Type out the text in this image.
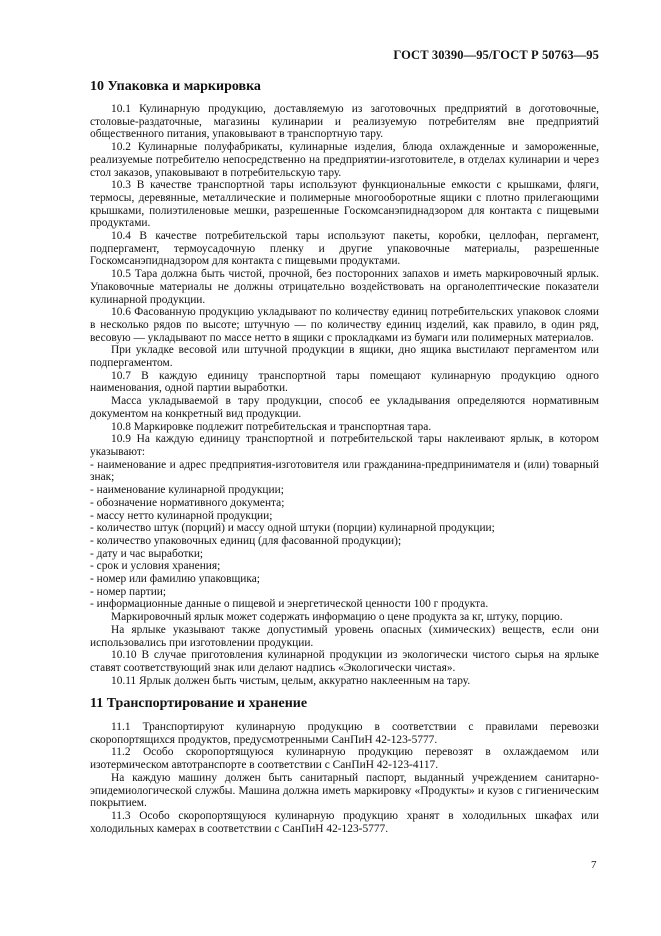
ГОСТ 30390—95/ГОСТ Р 50763—95
10 Упаковка и маркировка

10.1 Кулинарную продукцию, доставляемую из заготовочных предприятий в доготовочные, столовые-раздаточные, магазины кулинарии и реализуемую потребителям вне предприятий общественного питания, упаковывают в транспортную тару.

10.2 Кулинарные полуфабрикаты, кулинарные изделия, блюда охлажденные и замороженные, реализуемые потребителю непосредственно на предприятии-изготовителе, в отделах кулинарии и через стол заказов, упаковывают в потребительскую тару.

10.3 В качестве транспортной тары используют функциональные емкости с крышками, фляги, термосы, деревянные, металлические и полимерные многооборотные ящики с плотно прилегающими крышками, полиэтиленовые мешки, разрешенные Госкомсанэпиднадзором для контакта с пищевыми продуктами.

10.4 В качестве потребительской тары используют пакеты, коробки, целлофан, пергамент, подпергамент, термоусадочную пленку и другие упаковочные материалы, разрешенные Госкомсанэпиднадзором для контакта с пищевыми продуктами.

10.5 Тара должна быть чистой, прочной, без посторонних запахов и иметь маркировочный ярлык. Упаковочные материалы не должны отрицательно воздействовать на органолептические показатели кулинарной продукции.

10.6 Фасованную продукцию укладывают по количеству единиц потребительских упаковок слоями в несколько рядов по высоте; штучную — по количеству единиц изделий, как правило, в один ряд, весовую — укладывают по массе нетто в ящики с прокладками из бумаги или полимерных материалов.

При укладке весовой или штучной продукции в ящики, дно ящика выстилают пергаментом или подпергаментом.

10.7 В каждую единицу транспортной тары помещают кулинарную продукцию одного наименования, одной партии выработки.

Масса укладываемой в тару продукции, способ ее укладывания определяются нормативным документом на конкретный вид продукции.

10.8 Маркировке подлежит потребительская и транспортная тара.

10.9 На каждую единицу транспортной и потребительской тары наклеивают ярлык, в котором указывают:

- наименование и адрес предприятия-изготовителя или гражданина-предпринимателя и (или) товарный знак;

- наименование кулинарной продукции;

- обозначение нормативного документа;

- массу нетто кулинарной продукции;

- количество штук (порций) и массу одной штуки (порции) кулинарной продукции;

- количество упаковочных единиц (для фасованной продукции);

- дату и час выработки;

- срок и условия хранения;

- номер или фамилию упаковщика;

- номер партии;

- информационные данные о пищевой и энергетической ценности 100 г продукта.

Маркировочный ярлык может содержать информацию о цене продукта за кг, штуку, порцию.

На ярлыке указывают также допустимый уровень опасных (химических) веществ, если они использовались при изготовлении продукции.

10.10 В случае приготовления кулинарной продукции из экологически чистого сырья на ярлыке ставят соответствующий знак или делают надпись «Экологически чистая».

10.11 Ярлык должен быть чистым, целым, аккуратно наклеенным на тару.

11 Транспортирование и хранение

11.1 Транспортируют кулинарную продукцию в соответствии с правилами перевозки скоропортящихся продуктов, предусмотренными СанПиН 42-123-5777.

11.2 Особо скоропортящуюся кулинарную продукцию перевозят в охлаждаемом или изотермическом автотранспорте в соответствии с СанПиН 42-123-4117.

На каждую машину должен быть санитарный паспорт, выданный учреждением санитарно-эпидемиологической службы. Машина должна иметь маркировку «Продукты» и кузов с гигиеническим покрытием.

11.3 Особо скоропортящуюся кулинарную продукцию хранят в холодильных шкафах или холодильных камерах в соответствии с СанПиН 42-123-5777.

7
